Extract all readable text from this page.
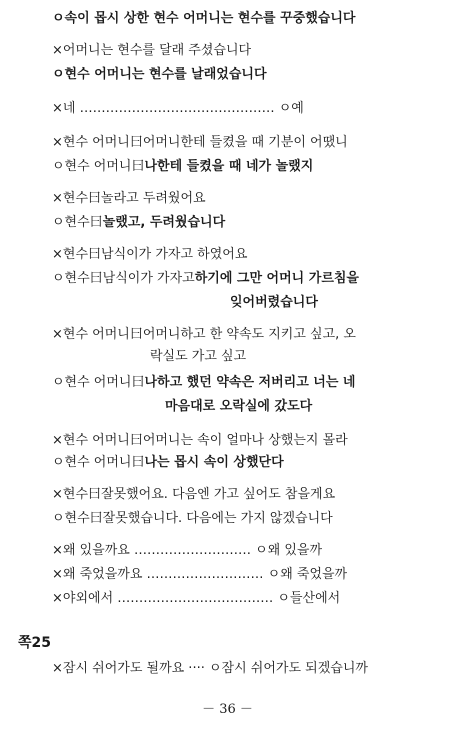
ㅇ속이 몹시 상한 현수 어머니는 현수를 꾸중했습니다
×어머니는 현수를 달래 주셨습니다
ㅇ현수 어머니는 현수를 날래었습니다
×네 ……………………………………… ㅇ예
×현수 어머니曰어머니한테 들켰을 때 기분이 어땠니
ㅇ현수 어머니曰나한테 들켰을 때 네가 놀랬지
×현수曰놀라고 두려웠어요
ㅇ현수曰놀랬고, 두려웠습니다
×현수曰남식이가 가자고 하였어요
ㅇ현수曰남식이가 가자고하기에 그만 어머니 가르침을
잊어버렸습니다
×현수 어머니曰어머니하고 한 약속도 지키고 싶고, 오
락실도 가고 싶고
ㅇ현수 어머니曰나하고 했던 약속은 저버리고 너는 네
마음대로 오락실에 갔도다
×현수 어머니曰어머니는 속이 얼마나 상했는지 몰라
ㅇ현수 어머니曰나는 몹시 속이 상했단다
×현수曰잘못했어요. 다음엔 가고 싶어도 참을게요
ㅇ현수曰잘못했습니다. 다음에는 가지 않겠습니다
×왜 있을까요 ……………………… ㅇ왜 있을까
×왜 죽었을까요 ……………………… ㅇ왜 죽었을까
×야외에서 ……………………………… ㅇ들산에서
쪽25
×잠시 쉬어가도 될까요 ···· ㅇ잠시 쉬어가도 되겠습니까
－ 36 －
